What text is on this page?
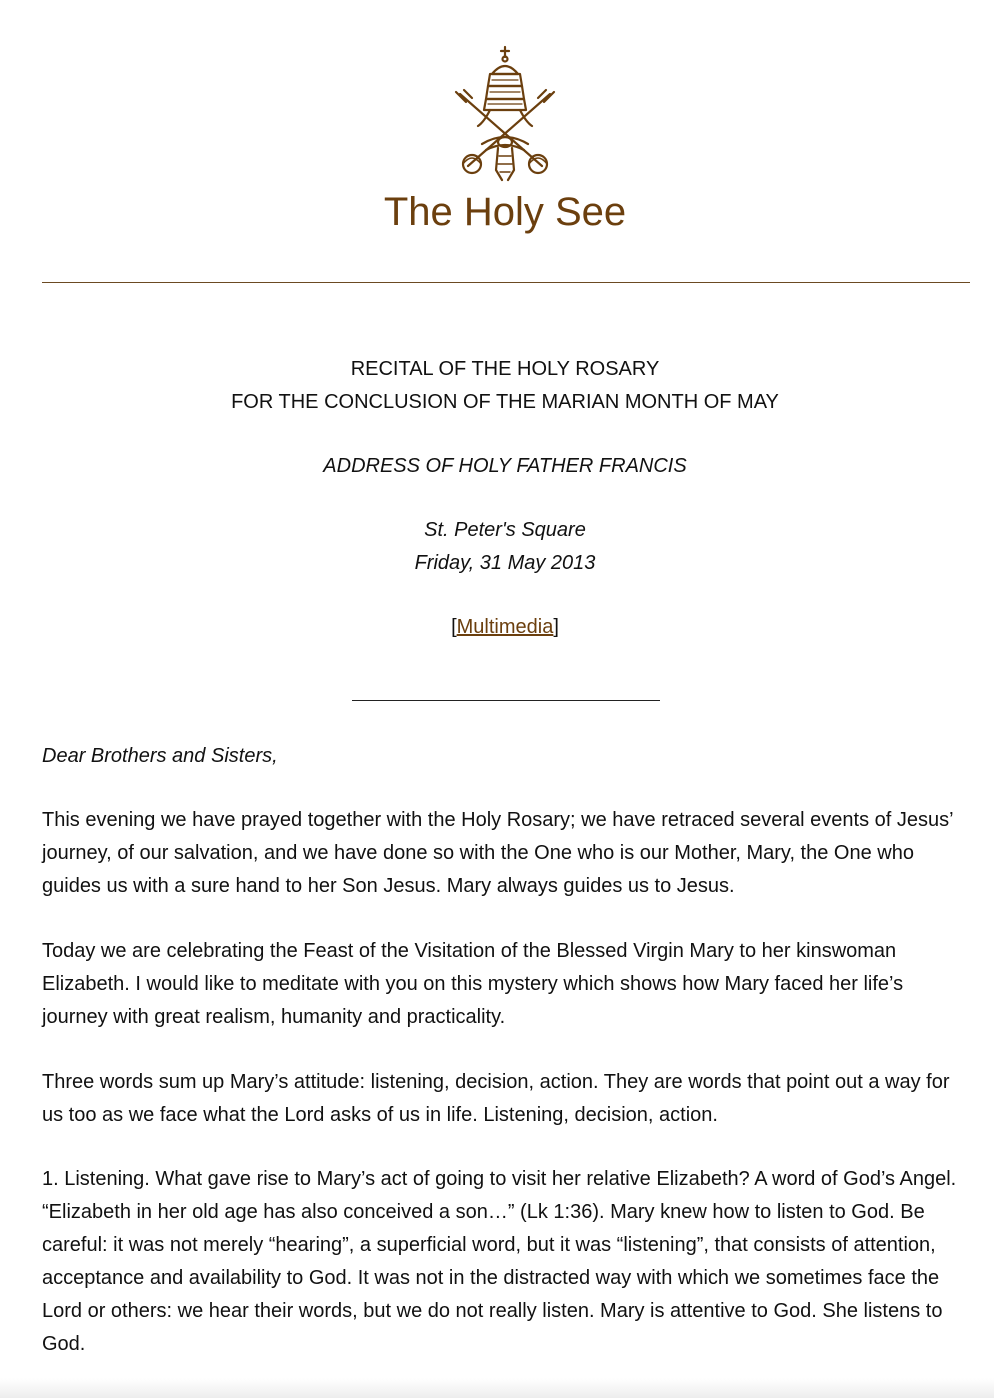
The Holy See
RECITAL OF THE HOLY ROSARY
FOR THE CONCLUSION OF THE MARIAN MONTH OF MAY
ADDRESS OF HOLY FATHER FRANCIS
St. Peter's Square
Friday, 31 May 2013
[Multimedia]
Dear Brothers and Sisters,

This evening we have prayed together with the Holy Rosary; we have retraced several events of Jesus’ journey, of our salvation, and we have done so with the One who is our Mother, Mary, the One who guides us with a sure hand to her Son Jesus. Mary always guides us to Jesus.

Today we are celebrating the Feast of the Visitation of the Blessed Virgin Mary to her kinswoman Elizabeth. I would like to meditate with you on this mystery which shows how Mary faced her life’s journey with great realism, humanity and practicality.

Three words sum up Mary’s attitude: listening, decision, action. They are words that point out a way for us too as we face what the Lord asks of us in life. Listening, decision, action.

1. Listening. What gave rise to Mary’s act of going to visit her relative Elizabeth? A word of God’s Angel. “Elizabeth in her old age has also conceived a son…” (Lk 1:36). Mary knew how to listen to God. Be careful: it was not merely “hearing”, a superficial word, but it was “listening”, that consists of attention, acceptance and availability to God. It was not in the distracted way with which we sometimes face the Lord or others: we hear their words, but we do not really listen. Mary is attentive to God. She listens to God.
